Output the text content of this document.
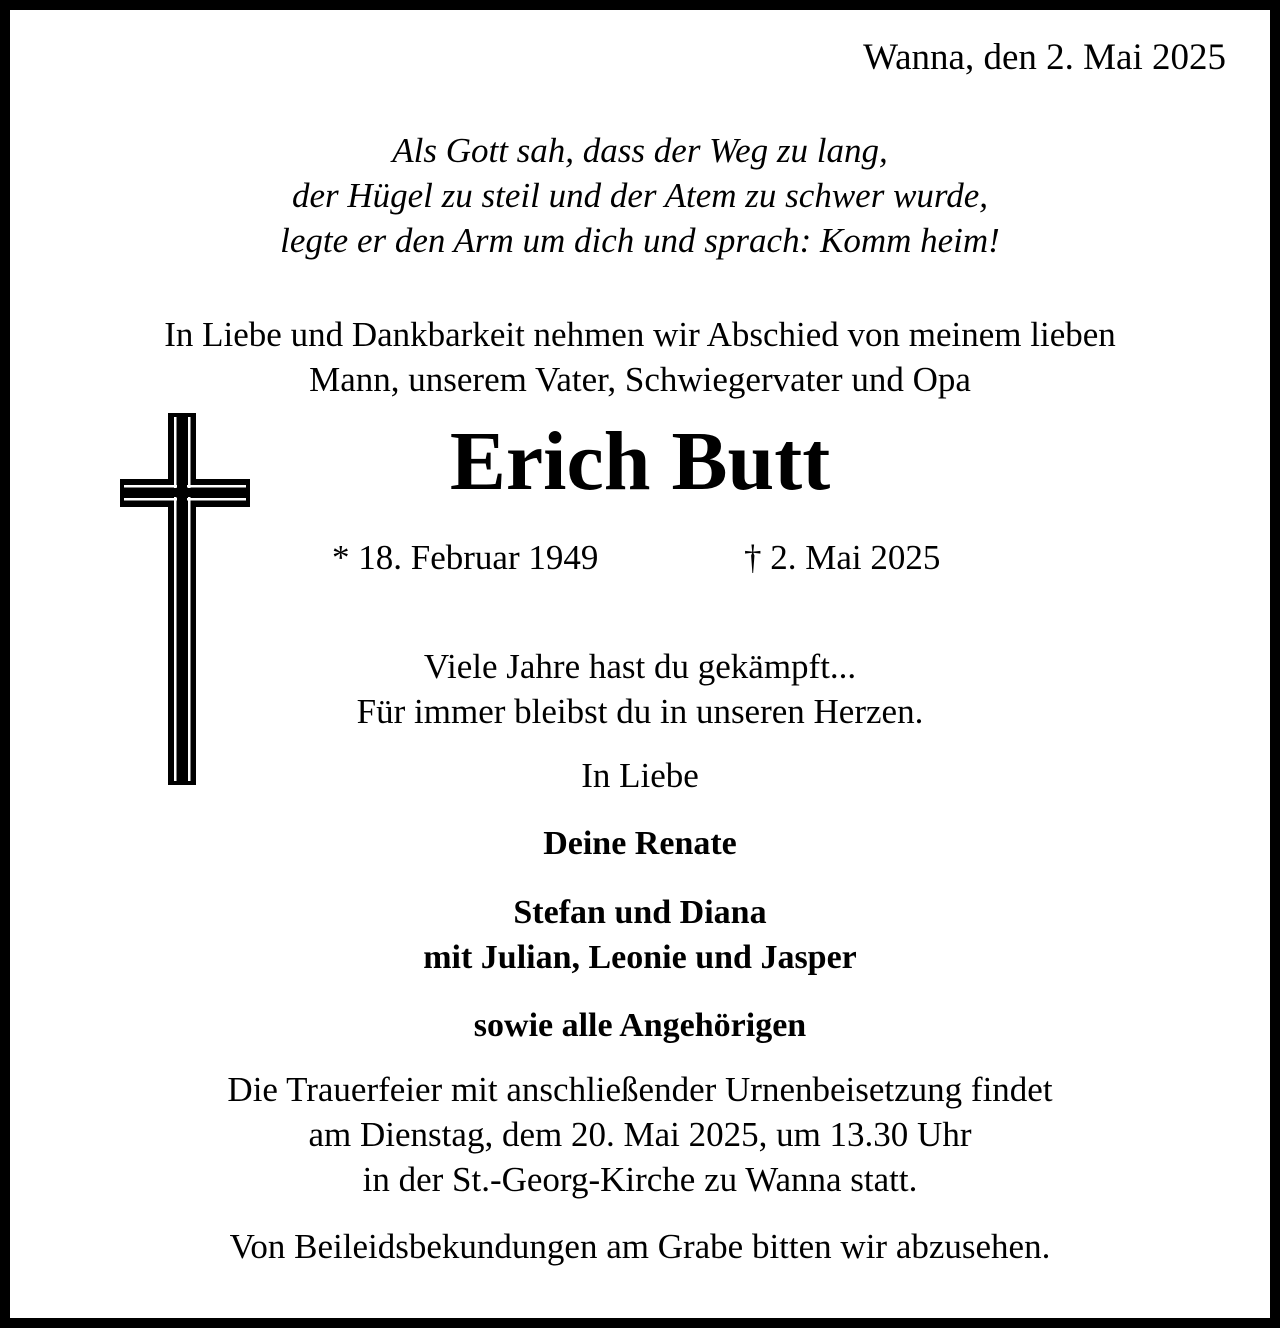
Wanna, den 2. Mai 2025
Als Gott sah, dass der Weg zu lang,
der Hügel zu steil und der Atem zu schwer wurde,
legte er den Arm um dich und sprach: Komm heim!
In Liebe und Dankbarkeit nehmen wir Abschied von meinem lieben
Mann, unserem Vater, Schwiegervater und Opa
Erich Butt
* 18. Februar 1949	† 2. Mai 2025
Viele Jahre hast du gekämpft...
Für immer bleibst du in unseren Herzen.
In Liebe
Deine Renate
Stefan und Diana
mit Julian, Leonie und Jasper
sowie alle Angehörigen
Die Trauerfeier mit anschließender Urnenbeisetzung findet
am Dienstag, dem 20. Mai 2025, um 13.30 Uhr
in der St.-Georg-Kirche zu Wanna statt.
Von Beileidsbekundungen am Grabe bitten wir abzusehen.
